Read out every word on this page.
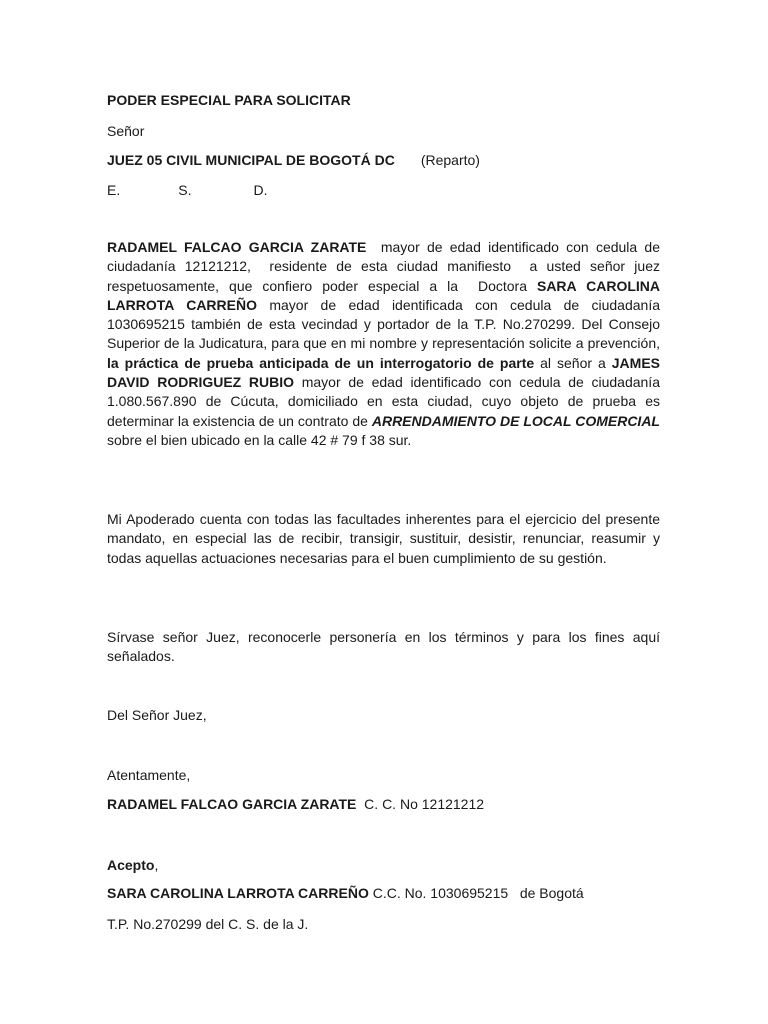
PODER ESPECIAL PARA SOLICITAR
Señor
JUEZ 05 CIVIL MUNICIPAL DE BOGOTÁ DC (Reparto)
E.	S.	D.
RADAMEL FALCAO GARCIA ZARATE  mayor de edad identificado con cedula de ciudadanía 12121212,  residente de esta ciudad manifiesto  a usted señor juez respetuosamente, que confiero poder especial a la  Doctora SARA CAROLINA LARROTA CARREÑO mayor de edad identificada con cedula de ciudadanía 1030695215 también de esta vecindad y portador de la T.P. No.270299. Del Consejo Superior de la Judicatura, para que en mi nombre y representación solicite a prevención, la práctica de prueba anticipada de un interrogatorio de parte al señor a JAMES DAVID RODRIGUEZ RUBIO mayor de edad identificado con cedula de ciudadanía    1.080.567.890 de Cúcuta, domiciliado en esta ciudad, cuyo objeto de prueba es determinar la existencia de un contrato de ARRENDAMIENTO DE LOCAL COMERCIAL  sobre el bien ubicado en la calle 42 # 79 f 38 sur.
Mi Apoderado cuenta con todas las facultades inherentes para el ejercicio del presente mandato, en especial las de recibir, transigir, sustituir, desistir, renunciar, reasumir y todas aquellas actuaciones necesarias para el buen cumplimiento de su gestión.
Sírvase señor Juez, reconocerle personería en los términos y para los fines aquí señalados.
Del Señor Juez,
Atentamente,
RADAMEL FALCAO GARCIA ZARATE  C. C. No 12121212
Acepto,
SARA CAROLINA LARROTA CARREÑO C.C. No. 1030695215   de Bogotá
T.P. No.270299 del C. S. de la J.
